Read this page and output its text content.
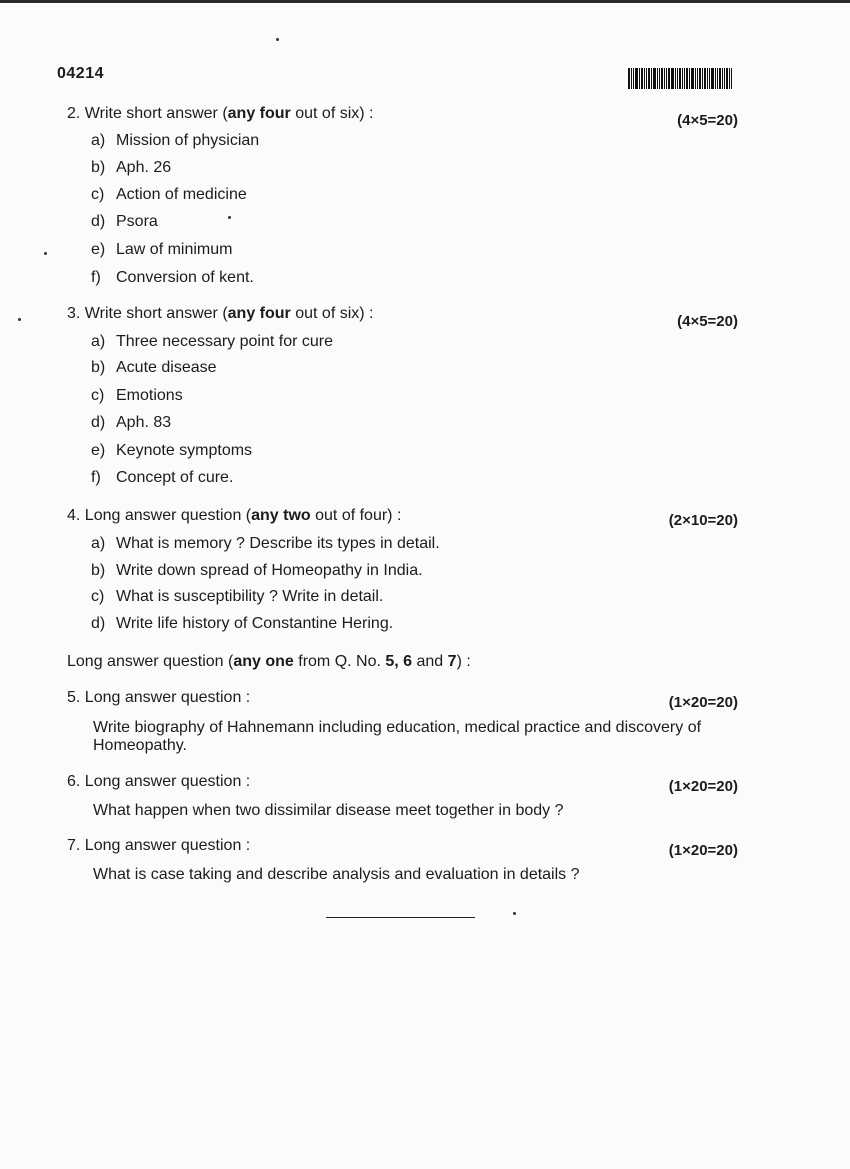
04214
2. Write short answer (any four out of six) :	(4×5=20)
a) Mission of physician
b) Aph. 26
c) Action of medicine
d) Psora
e) Law of minimum
f) Conversion of kent.
3. Write short answer (any four out of six) :	(4×5=20)
a) Three necessary point for cure
b) Acute disease
c) Emotions
d) Aph. 83
e) Keynote symptoms
f) Concept of cure.
4. Long answer question (any two out of four) :	(2×10=20)
a) What is memory ? Describe its types in detail.
b) Write down spread of Homeopathy in India.
c) What is susceptibility ? Write in detail.
d) Write life history of Constantine Hering.
Long answer question (any one from Q. No. 5, 6 and 7) :
5. Long answer question :	(1×20=20)
Write biography of Hahnemann including education, medical practice and discovery of Homeopathy.
6. Long answer question :	(1×20=20)
What happen when two dissimilar disease meet together in body ?
7. Long answer question :	(1×20=20)
What is case taking and describe analysis and evaluation in details ?
